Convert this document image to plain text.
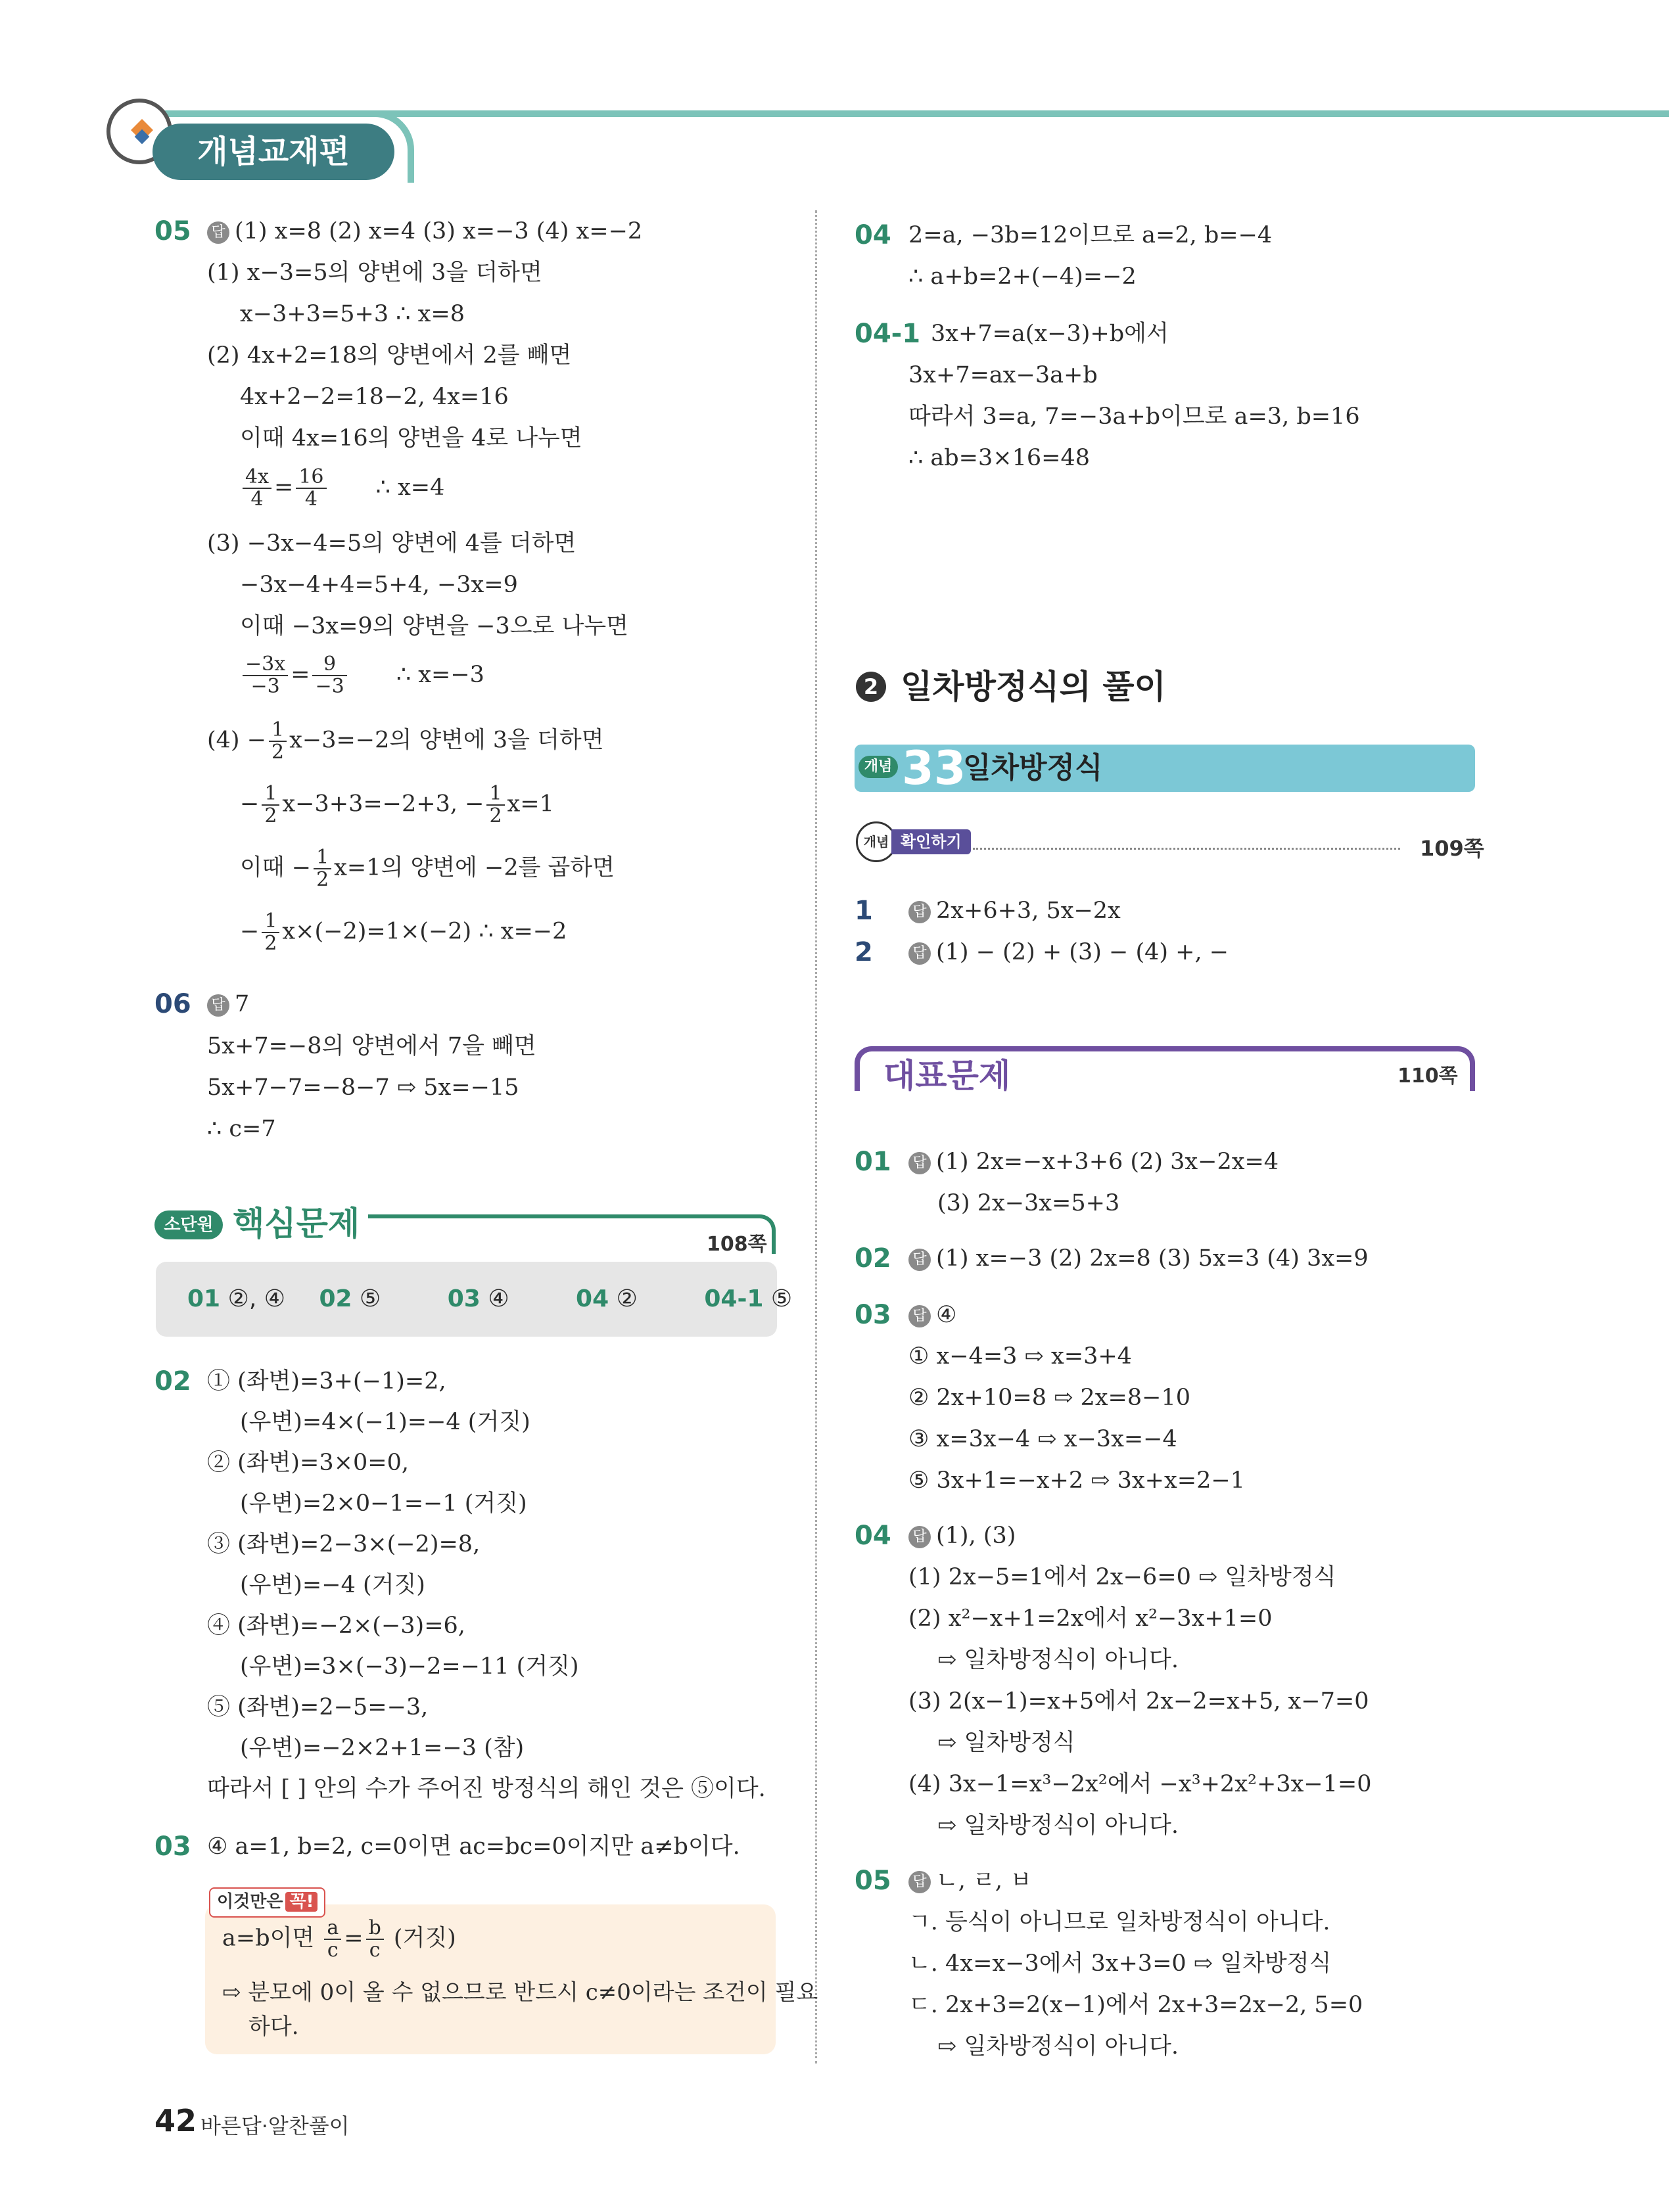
개념교재편
05 답 (1) x=8 (2) x=4 (3) x=−3 (4) x=−2
(1) x−3=5의 양변에 3을 더하면
x−3+3=5+3 ∴ x=8
(2) 4x+2=18의 양변에서 2를 빼면
4x+2−2=18−2, 4x=16
이때 4x=16의 양변을 4로 나누면
$\frac{4x}{4} = \frac{16}{4}$ ∴ x=4
(3) −3x−4=5의 양변에 4를 더하면
−3x−4+4=5+4, −3x=9
이때 −3x=9의 양변을 −3으로 나누면
$\frac{-3x}{-3} = \frac{9}{-3}$ ∴ x=−3
$(4) - \frac{1}{2} x-3=-2$의 양변에 3을 더하면
− $\frac{1}{2} x-3+3=-2+3$, − $\frac{1}{2} x=1$
이때 − $\frac{1}{2} x=1$의 양변에 −2를 곱하면
− $\frac{1}{2} x\times(-2)=1\times(-2)$ ∴ x=−2
06 답 7
5x+7=−8의 양변에서 7을 빼면
5x+7−7=−8−7 ⇨ 5x=−15
∴ c=7
소단원 핵심문제
108쪽
01 ②, ④ 02 ⑤	03 ④	04 ②	04-1 ⑤
02 ① (좌변)=3+(−1)=2,
(우변)=4×(−1)=−4 (거짓)
② (좌변)=3×0=0,
(우변)=2×0−1=−1 (거짓)
③ (좌변)=2−3×(−2)=8,
(우변)=−4 (거짓)
④ (좌변)=−2×(−3)=6,
(우변)=3×(−3)−2=−11 (거짓)
⑤ (좌변)=2−5=−3,
(우변)=−2×2+1=−3 (참)
따라서 [ ] 안의 수가 주어진 방정식의 해인 것은 ⑤이다.
03 ④ a=1, b=2, c=0이면 ac=bc=0이지만 a≠b이다.
이것만은 꼭!
a=b이면 $\frac{a}{c} = \frac{b}{c}$ (거짓)
⇨ 분모에 0이 올 수 없으므로 반드시 c≠0이라는 조건이 필요
하다.
42 바른답·알찬풀이
04 2=a, −3b=12이므로 a=2, b=−4
∴ a+b=2+(−4)=−2
04-1 3x+7=a(x−3)+b에서
3x+7=ax−3a+b
따라서 3=a, 7=−3a+b이므로 a=3, b=16
∴ ab=3×16=48
2 일차방정식의 풀이
개념 33
일차방정식
개념 확인하기	109쪽
1	답 2x+6+3, 5x−2x
2	답 (1) − (2) + (3) − (4) +, −
대표문제	110쪽
01 답 (1) 2x=−x+3+6 (2) 3x−2x=4
(3) 2x−3x=5+3
02 답 (1) x=−3 (2) 2x=8 (3) 5x=3 (4) 3x=9
03 답 ④
① x−4=3 ⇨ x=3+4
② 2x+10=8 ⇨ 2x=8−10
③ x=3x−4 ⇨ x−3x=−4
⑤ 3x+1=−x+2 ⇨ 3x+x=2−1
04 답 (1), (3)
(1) 2x−5=1에서 2x−6=0 ⇨ 일차방정식
(2) x²−x+1=2x에서 x²−3x+1=0
⇨ 일차방정식이 아니다.
(3) 2(x−1)=x+5에서 2x−2=x+5, x−7=0
⇨ 일차방정식
(4) 3x−1=x³−2x²에서 −x³+2x²+3x−1=0
⇨ 일차방정식이 아니다.
05 답 ㄴ, ㄹ, ㅂ
ㄱ. 등식이 아니므로 일차방정식이 아니다.
ㄴ. 4x=x−3에서 3x+3=0 ⇨ 일차방정식
ㄷ. 2x+3=2(x−1)에서 2x+3=2x−2, 5=0
⇨ 일차방정식이 아니다.
